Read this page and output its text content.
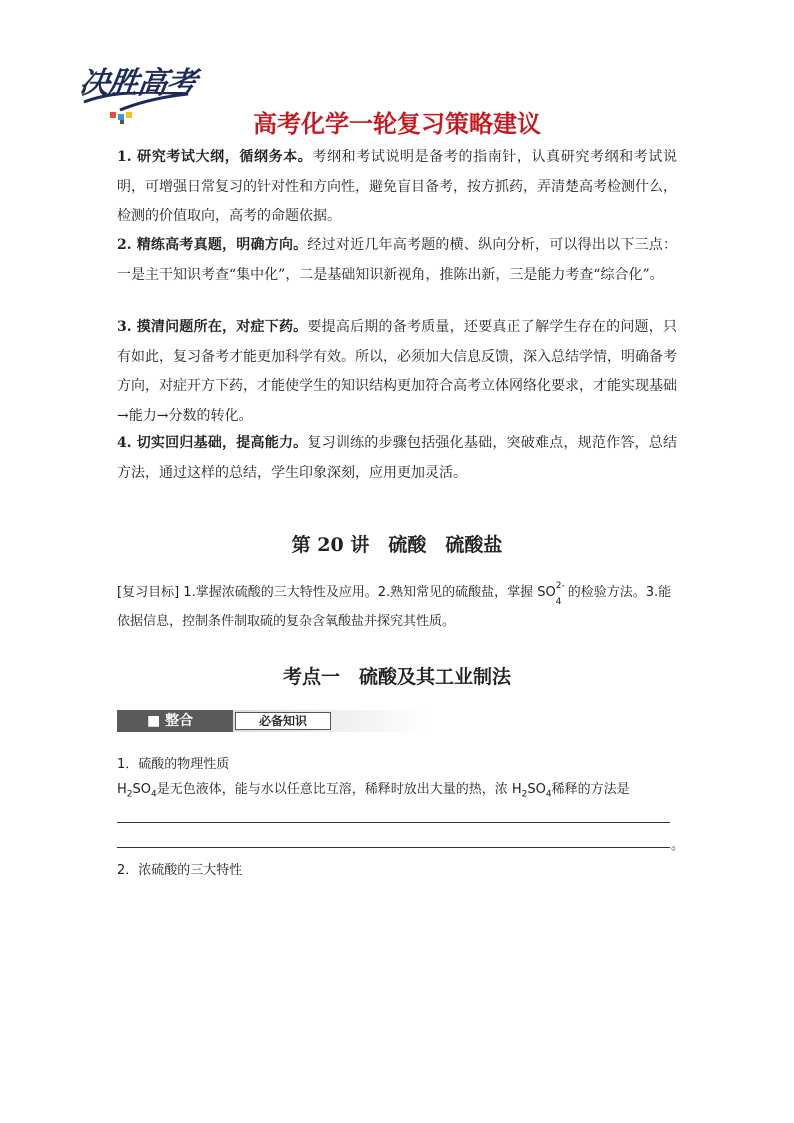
决胜高考
高考化学一轮复习策略建议
1. 研究考试大纲，循纲务本。考纲和考试说明是备考的指南针，认真研究考纲和考试说明，可增强日常复习的针对性和方向性，避免盲目备考，按方抓药，弄清楚高考检测什么，检测的价值取向，高考的命题依据。
2. 精练高考真题，明确方向。经过对近几年高考题的横、纵向分析，可以得出以下三点：一是主干知识考查“集中化”，二是基础知识新视角，推陈出新，三是能力考查“综合化”。
3. 摸清问题所在，对症下药。要提高后期的备考质量，还要真正了解学生存在的问题，只有如此，复习备考才能更加科学有效。所以，必须加大信息反馈，深入总结学情，明确备考方向，对症开方下药，才能使学生的知识结构更加符合高考立体网络化要求，才能实现基础→能力→分数的转化。
4. 切实回归基础，提高能力。复习训练的步骤包括强化基础，突破难点，规范作答，总结方法，通过这样的总结，学生印象深刻，应用更加灵活。
第 20 讲　硫酸　硫酸盐
[复习目标] 1.掌握浓硫酸的三大特性及应用。2.熟知常见的硫酸盐，掌握 SO 2-
4
的检验方法。3.能依据信息，控制条件制取硫的复杂含氧酸盐并探究其性质。
考点一　硫酸及其工业制法
■ 整合	必备知识
1．硫酸的物理性质
$H_2SO_4$是无色液体，能与水以任意比互溶，稀释时放出大量的热，浓 $H_2SO_4$稀释的方法是
。
2．浓硫酸的三大特性
